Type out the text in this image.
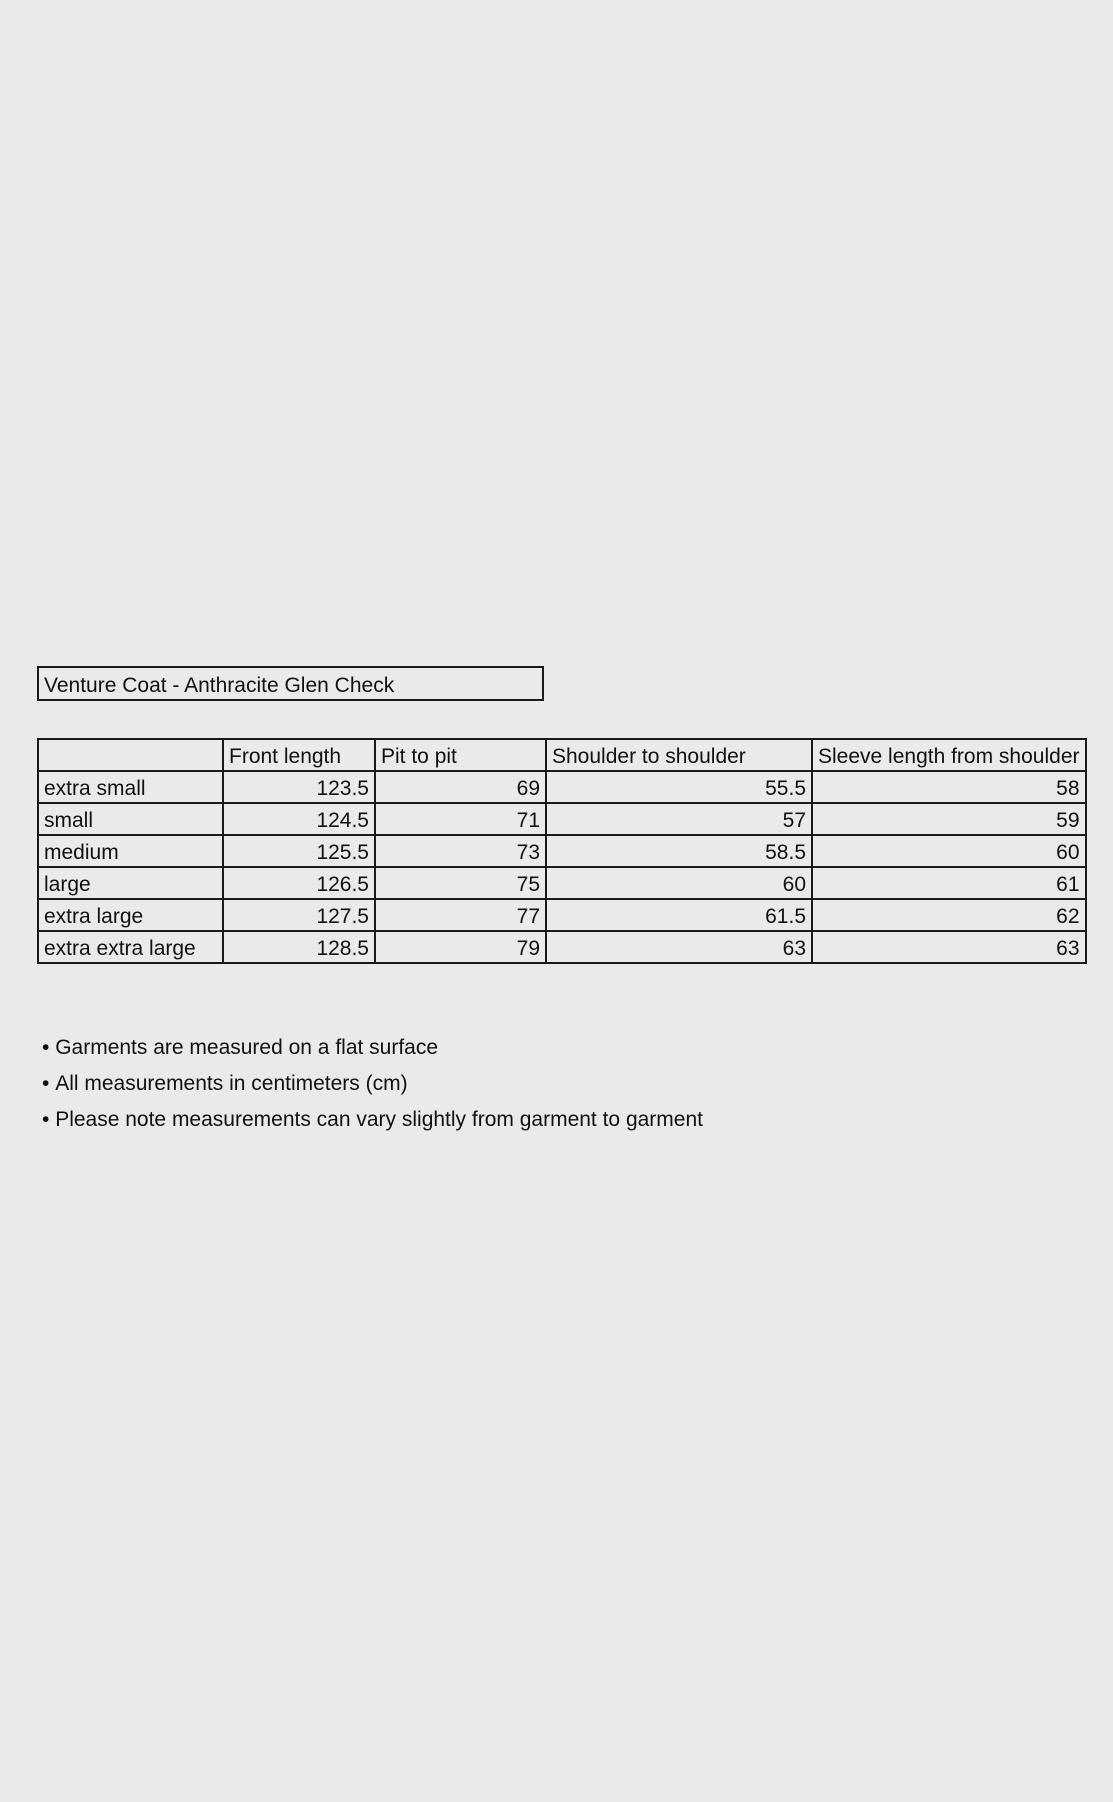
Venture Coat - Anthracite Glen Check
	Front length	Pit to pit	Shoulder to shoulder	Sleeve length from shoulder
extra small	123.5	69	55.5	58
small	124.5	71	57	59
medium	125.5	73	58.5	60
large	126.5	75	60	61
extra large	127.5	77	61.5	62
extra extra large	128.5	79	63	63
• Garments are measured on a flat surface
• All measurements in centimeters (cm)
• Please note measurements can vary slightly from garment to garment
